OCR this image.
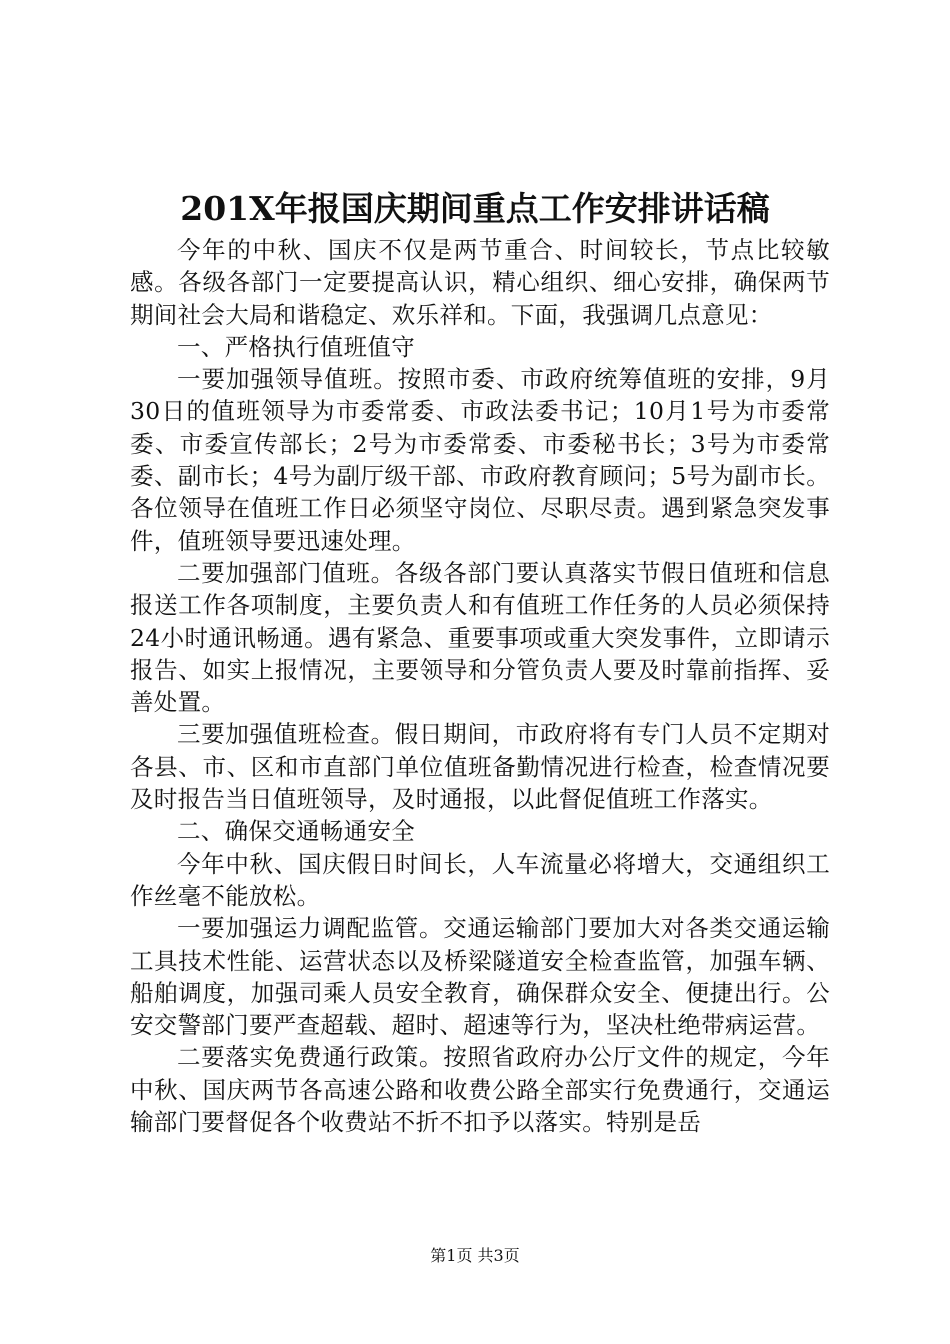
201X年报国庆期间重点工作安排讲话稿

今年的中秋、国庆不仅是两节重合、时间较长，节点比较敏感。各级各部门一定要提高认识，精心组织、细心安排，确保两节期间社会大局和谐稳定、欢乐祥和。下面，我强调几点意见：

一、严格执行值班值守

一要加强领导值班。按照市委、市政府统筹值班的安排，9月30日的值班领导为市委常委、市政法委书记；10月1号为市委常委、市委宣传部长；2号为市委常委、市委秘书长；3号为市委常委、副市长；4号为副厅级干部、市政府教育顾问；5号为副市长。各位领导在值班工作日必须坚守岗位、尽职尽责。遇到紧急突发事件，值班领导要迅速处理。

二要加强部门值班。各级各部门要认真落实节假日值班和信息报送工作各项制度，主要负责人和有值班工作任务的人员必须保持24小时通讯畅通。遇有紧急、重要事项或重大突发事件，立即请示报告、如实上报情况，主要领导和分管负责人要及时靠前指挥、妥善处置。

三要加强值班检查。假日期间，市政府将有专门人员不定期对各县、市、区和市直部门单位值班备勤情况进行检查，检查情况要及时报告当日值班领导，及时通报，以此督促值班工作落实。

二、确保交通畅通安全

今年中秋、国庆假日时间长，人车流量必将增大，交通组织工作丝毫不能放松。

一要加强运力调配监管。交通运输部门要加大对各类交通运输工具技术性能、运营状态以及桥梁隧道安全检查监管，加强车辆、船舶调度，加强司乘人员安全教育，确保群众安全、便捷出行。公安交警部门要严查超载、超时、超速等行为，坚决杜绝带病运营。

二要落实免费通行政策。按照省政府办公厅文件的规定，今年中秋、国庆两节各高速公路和收费公路全部实行免费通行，交通运输部门要督促各个收费站不折不扣予以落实。特别是岳

第1页 共3页
